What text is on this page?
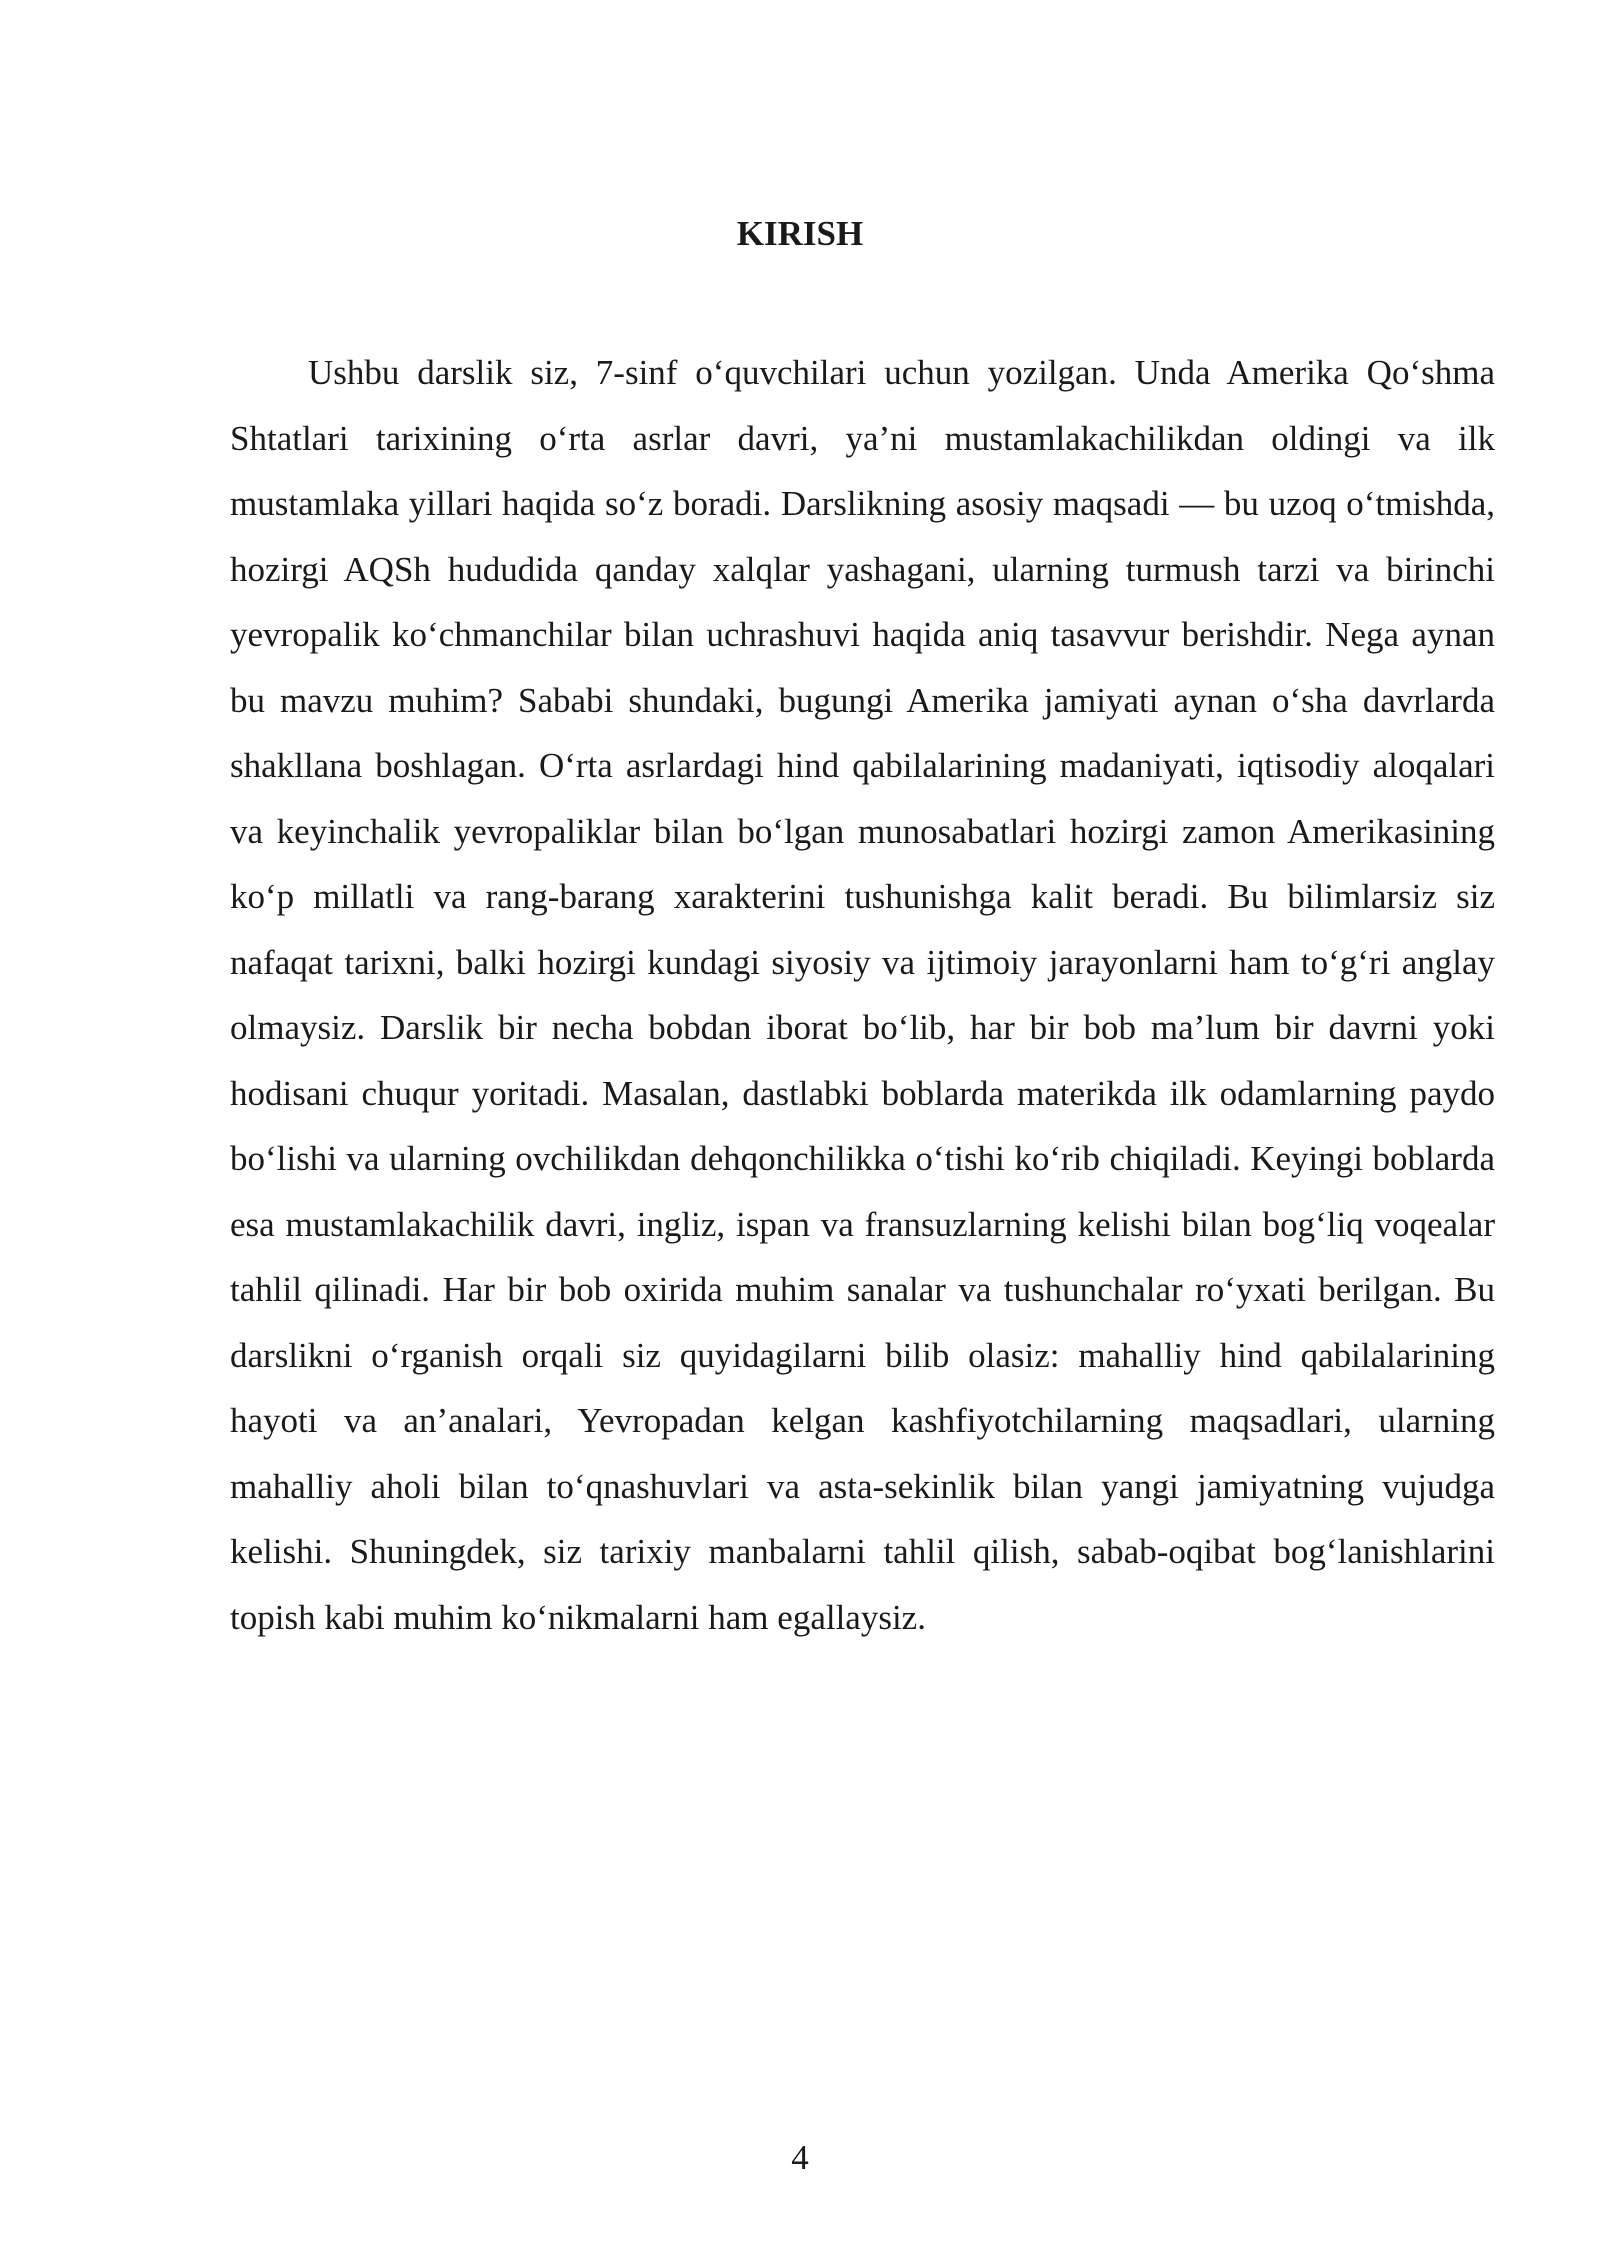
KIRISH

Ushbu darslik siz, 7-sinf o‘quvchilari uchun yozilgan. Unda Amerika Qo‘shma Shtatlari tarixining o‘rta asrlar davri, ya’ni mustamlakachilikdan oldingi va ilk mustamlaka yillari haqida so‘z boradi. Darslikning asosiy maqsadi — bu uzoq o‘tmishda, hozirgi AQSh hududida qanday xalqlar yashagani, ularning turmush tarzi va birinchi yevropalik ko‘chmanchilar bilan uchrashuvi haqida aniq tasavvur berishdir. Nega aynan bu mavzu muhim? Sababi shundaki, bugungi Amerika jamiyati aynan o‘sha davrlarda shakllana boshlagan. O‘rta asrlardagi hind qabilalarining madaniyati, iqtisodiy aloqalari va keyinchalik yevropaliklar bilan bo‘lgan munosabatlari hozirgi zamon Amerikasining ko‘p millatli va rang-barang xarakterini tushunishga kalit beradi. Bu bilimlarsiz siz nafaqat tarixni, balki hozirgi kundagi siyosiy va ijtimoiy jarayonlarni ham to‘g‘ri anglay olmaysiz. Darslik bir necha bobdan iborat bo‘lib, har bir bob ma’lum bir davrni yoki hodisani chuqur yoritadi. Masalan, dastlabki boblarda materikda ilk odamlarning paydo bo‘lishi va ularning ovchilikdan dehqonchilikka o‘tishi ko‘rib chiqiladi. Keyingi boblarda esa mustamlakachilik davri, ingliz, ispan va fransuzlarning kelishi bilan bog‘liq voqealar tahlil qilinadi. Har bir bob oxirida muhim sanalar va tushunchalar ro‘yxati berilgan. Bu darslikni o‘rganish orqali siz quyidagilarni bilib olasiz: mahalliy hind qabilalarining hayoti va an’analari, Yevropadan kelgan kashfiyotchilarning maqsadlari, ularning mahalliy aholi bilan to‘qnashuvlari va asta-sekinlik bilan yangi jamiyatning vujudga kelishi. Shuningdek, siz tarixiy manbalarni tahlil qilish, sabab-oqibat bog‘lanishlarini topish kabi muhim ko‘nikmalarni ham egallaysiz.

4
